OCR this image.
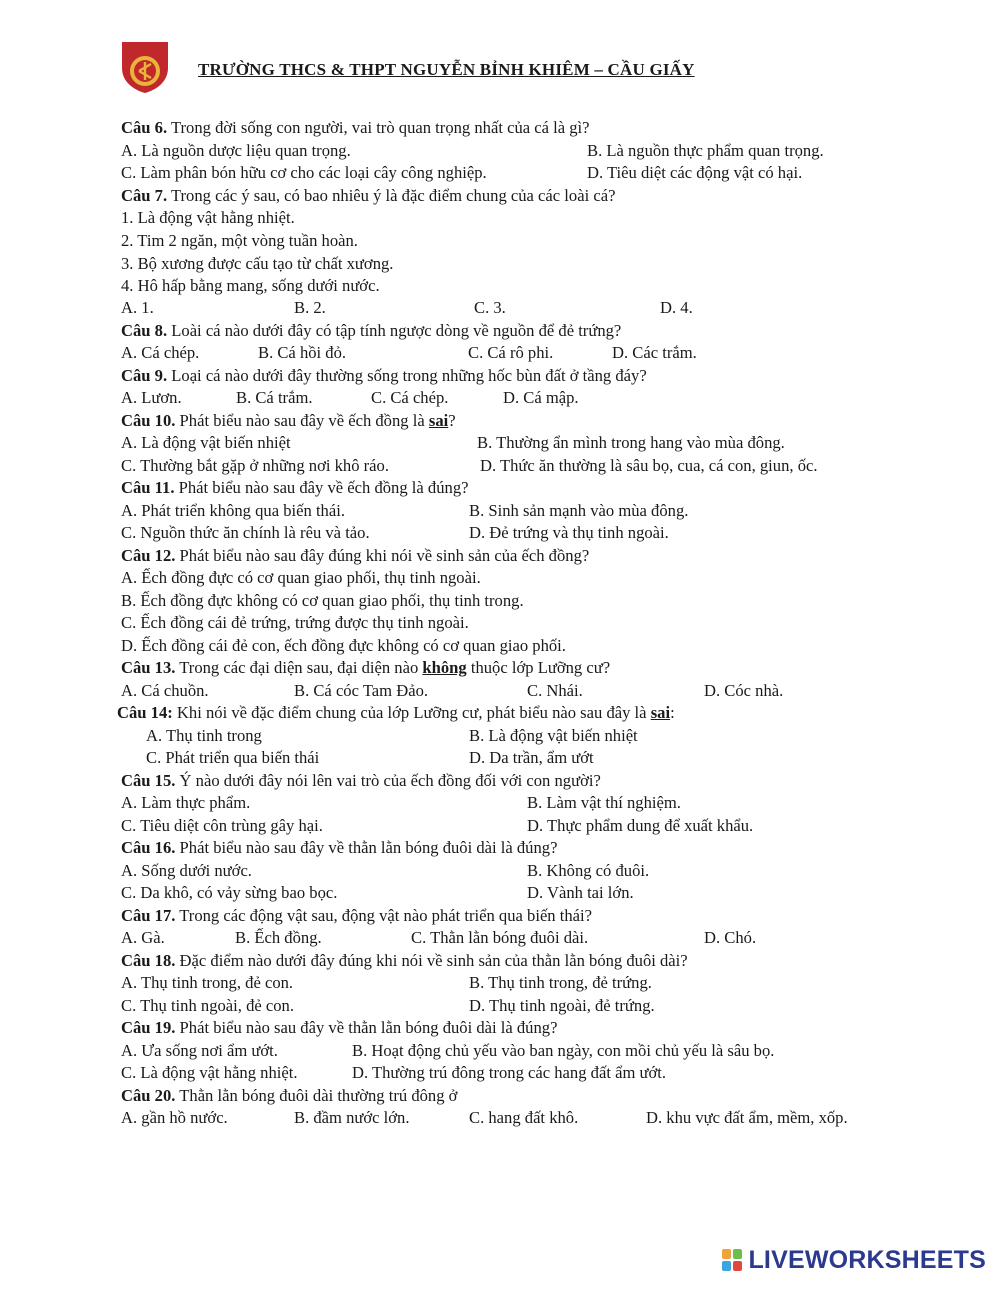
TRƯỜNG THCS & THPT NGUYỄN BỈNH KHIÊM – CẦU GIẤY
Câu 6. Trong đời sống con người, vai trò quan trọng nhất của cá là gì?
A. Là nguồn dược liệu quan trọng.	B. Là nguồn thực phẩm quan trọng.
C. Làm phân bón hữu cơ cho các loại cây công nghiệp.	D. Tiêu diệt các động vật có hại.
Câu 7. Trong các ý sau, có bao nhiêu ý là đặc điểm chung của các loài cá?
1. Là động vật hằng nhiệt.
2. Tim 2 ngăn, một vòng tuần hoàn.
3. Bộ xương được cấu tạo từ chất xương.
4. Hô hấp bằng mang, sống dưới nước.
A. 1.	B. 2.	C. 3.	D. 4.
Câu 8. Loài cá nào dưới đây có tập tính ngược dòng về nguồn để đẻ trứng?
A. Cá chép.	B. Cá hồi đỏ.	C. Cá rô phi.	D. Các trắm.
Câu 9. Loại cá nào dưới đây thường sống trong những hốc bùn đất ở tầng đáy?
A. Lươn.	B. Cá trắm.	C. Cá chép.	D. Cá mập.
Câu 10. Phát biểu nào sau đây về ếch đồng là sai?
A. Là động vật biến nhiệt	B. Thường ẩn mình trong hang vào mùa đông.
C. Thường bắt gặp ở những nơi khô ráo.	D. Thức ăn thường là sâu bọ, cua, cá con, giun, ốc.
Câu 11. Phát biểu nào sau đây về ếch đồng là đúng?
A. Phát triển không qua biến thái.	B. Sinh sản mạnh vào mùa đông.
C. Nguồn thức ăn chính là rêu và tảo.	D. Đẻ trứng và thụ tinh ngoài.
Câu 12. Phát biểu nào sau đây đúng khi nói về sinh sản của ếch đồng?
A. Ếch đồng đực có cơ quan giao phối, thụ tinh ngoài.
B. Ếch đồng đực không có cơ quan giao phối, thụ tinh trong.
C. Ếch đồng cái đẻ trứng, trứng được thụ tinh ngoài.
D. Ếch đồng cái đẻ con, ếch đồng đực không có cơ quan giao phối.
Câu 13. Trong các đại diện sau, đại diện nào không thuộc lớp Lưỡng cư?
A. Cá chuồn.	B. Cá cóc Tam Đảo.	C. Nhái.	D. Cóc nhà.
Câu 14: Khi nói về đặc điểm chung của lớp Lưỡng cư, phát biểu nào sau đây là sai:
A. Thụ tinh trong	B. Là động vật biến nhiệt
C. Phát triển qua biến thái	D. Da trần, ẩm ướt
Câu 15. Ý nào dưới đây nói lên vai trò của ếch đồng đối với con người?
A. Làm thực phẩm.	B. Làm vật thí nghiệm.
C. Tiêu diệt côn trùng gây hại.	D. Thực phẩm dung để xuất khẩu.
Câu 16. Phát biểu nào sau đây về thằn lằn bóng đuôi dài là đúng?
A. Sống dưới nước.	B. Không có đuôi.
C. Da khô, có vảy sừng bao bọc.	D. Vành tai lớn.
Câu 17. Trong các động vật sau, động vật nào phát triển qua biến thái?
A. Gà.	B. Ếch đồng.	C. Thằn lằn bóng đuôi dài.	D. Chó.
Câu 18. Đặc điểm nào dưới đây đúng khi nói về sinh sản của thằn lằn bóng đuôi dài?
A. Thụ tinh trong, đẻ con.	B. Thụ tinh trong, đẻ trứng.
C. Thụ tinh ngoài, đẻ con.	D. Thụ tinh ngoài, đẻ trứng.
Câu 19. Phát biểu nào sau đây về thằn lằn bóng đuôi dài là đúng?
A. Ưa sống nơi ẩm ướt.	B. Hoạt động chủ yếu vào ban ngày, con mồi chủ yếu là sâu bọ.
C. Là động vật hằng nhiệt.	D. Thường trú đông trong các hang đất ẩm ướt.
Câu 20. Thằn lằn bóng đuôi dài thường trú đông ở
A. gần hồ nước.	B. đầm nước lớn.	C. hang đất khô.	D. khu vực đất ẩm, mềm, xốp.
LIVEWORKSHEETS
